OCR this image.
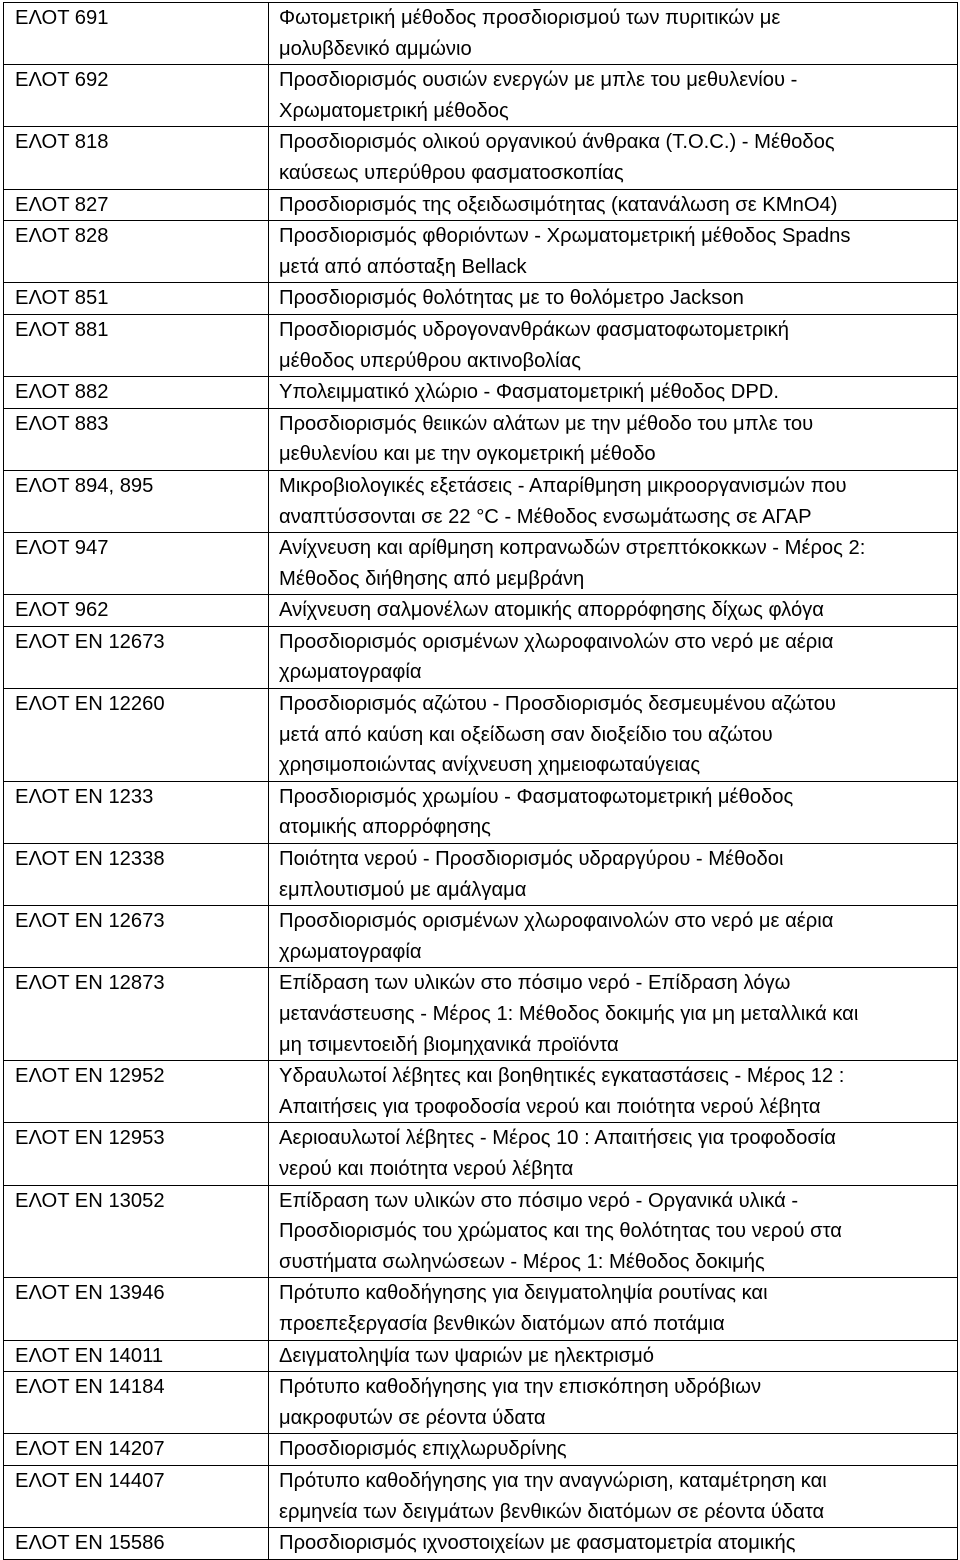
ΕΛΟΤ 691	Φωτομετρική μέθοδος προσδιορισμού των πυριτικών με
μολυβδενικό αμμώνιο

ΕΛΟΤ 692	Προσδιορισμός ουσιών ενεργών με μπλε του μεθυλενίου -
Χρωματομετρική μέθοδος

ΕΛΟΤ 818	Προσδιορισμός ολικού οργανικού άνθρακα (Τ.Ο.C.) - Μέθοδος
καύσεως υπερύθρου φασματοσκοπίας

ΕΛΟΤ 827	Προσδιορισμός της οξειδωσιμότητας (κατανάλωση σε ΚΜnO4)

ΕΛΟΤ 828	Προσδιορισμός φθοριόντων - Χρωματομετρική μέθοδος Spadns
μετά από απόσταξη Bellack

ΕΛΟΤ 851	Προσδιορισμός θολότητας με το θολόμετρο Jackson

ΕΛΟΤ 881	Προσδιορισμός υδρογονανθράκων φασματοφωτομετρική
μέθοδος υπερύθρου ακτινοβολίας

ΕΛΟΤ 882	Υπολειμματικό χλώριο - Φασματομετρική μέθοδος DPD.

ΕΛΟΤ 883	Προσδιορισμός θειικών αλάτων με την μέθοδο του μπλε του
μεθυλενίου και με την ογκομετρική μέθοδο

ΕΛΟΤ 894, 895	Μικροβιολογικές εξετάσεις - Απαρίθμηση μικροοργανισμών που
αναπτύσσονται σε 22 °C - Μέθοδος ενσωμάτωσης σε ΑΓΑΡ

ΕΛΟΤ 947	Ανίχνευση και αρίθμηση κοπρανωδών στρεπτόκοκκων - Μέρος 2:
Μέθοδος διήθησης από μεμβράνη

ΕΛΟΤ 962	Ανίχνευση σαλμονέλων ατομικής απορρόφησης δίχως φλόγα

ΕΛΟΤ ΕΝ 12673	Προσδιορισμός ορισμένων χλωροφαινολών στο νερό με αέρια
χρωματογραφία

ΕΛΟΤ ΕΝ 12260	Προσδιορισμός αζώτου - Προσδιορισμός δεσμευμένου αζώτου
μετά από καύση και οξείδωση σαν διοξείδιο του αζώτου
χρησιμοποιώντας ανίχνευση χημειοφωταύγειας

ΕΛΟΤ ΕΝ 1233	Προσδιορισμός χρωμίου - Φασματοφωτομετρική μέθοδος
ατομικής απορρόφησης

ΕΛΟΤ ΕΝ 12338	Ποιότητα νερού - Προσδιορισμός υδραργύρου - Μέθοδοι
εμπλουτισμού με αμάλγαμα

ΕΛΟΤ ΕΝ 12673	Προσδιορισμός ορισμένων χλωροφαινολών στο νερό με αέρια
χρωματογραφία

ΕΛΟΤ ΕΝ 12873	Επίδραση των υλικών στο πόσιμο νερό - Επίδραση λόγω
μετανάστευσης - Μέρος 1: Μέθοδος δοκιμής για μη μεταλλικά και
μη τσιμεντοειδή βιομηχανικά προϊόντα

ΕΛΟΤ ΕΝ 12952	Υδραυλωτοί λέβητες και βοηθητικές εγκαταστάσεις - Μέρος 12 :
Απαιτήσεις για τροφοδοσία νερού και ποιότητα νερού λέβητα

ΕΛΟΤ ΕΝ 12953	Αεριοαυλωτοί λέβητες - Μέρος 10 : Απαιτήσεις για τροφοδοσία
νερού και ποιότητα νερού λέβητα

ΕΛΟΤ ΕΝ 13052	Επίδραση των υλικών στο πόσιμο νερό - Οργανικά υλικά -
Προσδιορισμός του χρώματος και της θολότητας του νερού στα
συστήματα σωληνώσεων - Μέρος 1: Μέθοδος δοκιμής

ΕΛΟΤ ΕΝ 13946	Πρότυπο καθοδήγησης για δειγματοληψία ρουτίνας και
προεπεξεργασία βενθικών διατόμων από ποτάμια

ΕΛΟΤ ΕΝ 14011	Δειγματοληψία των ψαριών με ηλεκτρισμό

ΕΛΟΤ ΕΝ 14184	Πρότυπο καθοδήγησης για την επισκόπηση υδρόβιων
μακροφυτών σε ρέοντα ύδατα

ΕΛΟΤ ΕΝ 14207	Προσδιορισμός επιχλωρυδρίνης

ΕΛΟΤ ΕΝ 14407	Πρότυπο καθοδήγησης για την αναγνώριση, καταμέτρηση και
ερμηνεία των δειγμάτων βενθικών διατόμων σε ρέοντα ύδατα

ΕΛΟΤ ΕΝ 15586	Προσδιορισμός ιχνοστοιχείων με φασματομετρία ατομικής
